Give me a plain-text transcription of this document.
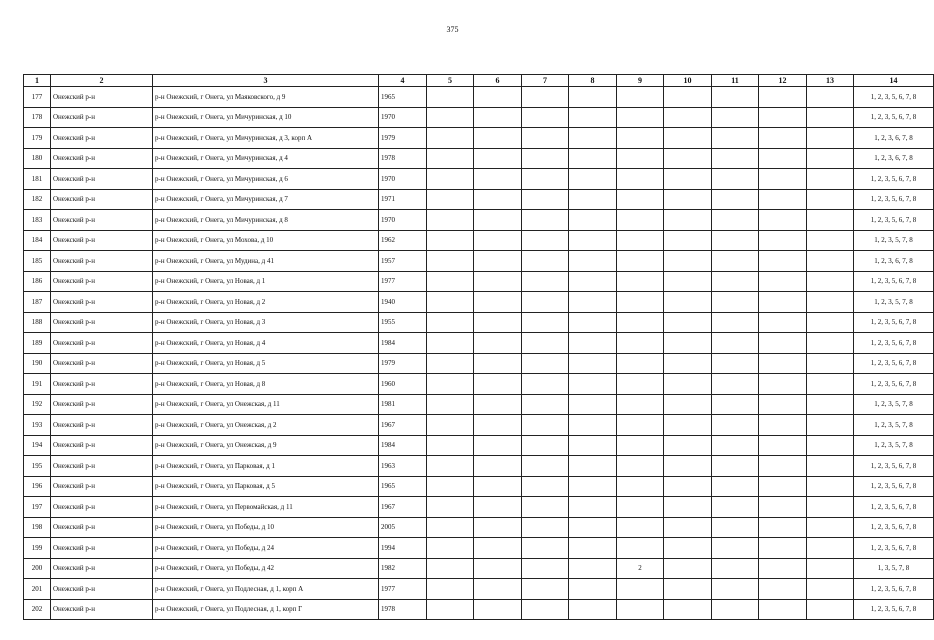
375
1	2	3	4	5	6	7	8	9	10	11	12	13	14
177	Онежский р-н	р-н Онежский, г Онега, ул Маяковского, д 9	1965										1, 2, 3, 5, 6, 7, 8
178	Онежский р-н	р-н Онежский, г Онега, ул Мичуринская, д 10	1970										1, 2, 3, 5, 6, 7, 8
179	Онежский р-н	р-н Онежский, г Онега, ул Мичуринская, д 3, корп А	1979										1, 2, 3, 6, 7, 8
180	Онежский р-н	р-н Онежский, г Онега, ул Мичуринская, д 4	1978										1, 2, 3, 6, 7, 8
181	Онежский р-н	р-н Онежский, г Онега, ул Мичуринская, д 6	1970										1, 2, 3, 5, 6, 7, 8
182	Онежский р-н	р-н Онежский, г Онега, ул Мичуринская, д 7	1971										1, 2, 3, 5, 6, 7, 8
183	Онежский р-н	р-н Онежский, г Онега, ул Мичуринская, д 8	1970										1, 2, 3, 5, 6, 7, 8
184	Онежский р-н	р-н Онежский, г Онега, ул Мохова, д 10	1962										1, 2, 3, 5, 7, 8
185	Онежский р-н	р-н Онежский, г Онега, ул Мудина, д 41	1957										1, 2, 3, 6, 7, 8
186	Онежский р-н	р-н Онежский, г Онега, ул Новая, д 1	1977										1, 2, 3, 5, 6, 7, 8
187	Онежский р-н	р-н Онежский, г Онега, ул Новая, д 2	1940										1, 2, 3, 5, 7, 8
188	Онежский р-н	р-н Онежский, г Онега, ул Новая, д 3	1955										1, 2, 3, 5, 6, 7, 8
189	Онежский р-н	р-н Онежский, г Онега, ул Новая, д 4	1984										1, 2, 3, 5, 6, 7, 8
190	Онежский р-н	р-н Онежский, г Онега, ул Новая, д 5	1979										1, 2, 3, 5, 6, 7, 8
191	Онежский р-н	р-н Онежский, г Онега, ул Новая, д 8	1960										1, 2, 3, 5, 6, 7, 8
192	Онежский р-н	р-н Онежский, г Онега, ул Онежская, д 11	1981										1, 2, 3, 5, 7, 8
193	Онежский р-н	р-н Онежский, г Онега, ул Онежская, д 2	1967										1, 2, 3, 5, 7, 8
194	Онежский р-н	р-н Онежский, г Онега, ул Онежская, д 9	1984										1, 2, 3, 5, 7, 8
195	Онежский р-н	р-н Онежский, г Онега, ул Парковая, д 1	1963										1, 2, 3, 5, 6, 7, 8
196	Онежский р-н	р-н Онежский, г Онега, ул Парковая, д 5	1965										1, 2, 3, 5, 6, 7, 8
197	Онежский р-н	р-н Онежский, г Онега, ул Первомайская, д 11	1967										1, 2, 3, 5, 6, 7, 8
198	Онежский р-н	р-н Онежский, г Онега, ул Победы, д 10	2005										1, 2, 3, 5, 6, 7, 8
199	Онежский р-н	р-н Онежский, г Онега, ул Победы, д 24	1994										1, 2, 3, 5, 6, 7, 8
200	Онежский р-н	р-н Онежский, г Онега, ул Победы, д 42	1982					2					1, 3, 5, 7, 8
201	Онежский р-н	р-н Онежский, г Онега, ул Подлесная, д 1, корп А	1977										1, 2, 3, 5, 6, 7, 8
202	Онежский р-н	р-н Онежский, г Онега, ул Подлесная, д 1, корп Г	1978										1, 2, 3, 5, 6, 7, 8
